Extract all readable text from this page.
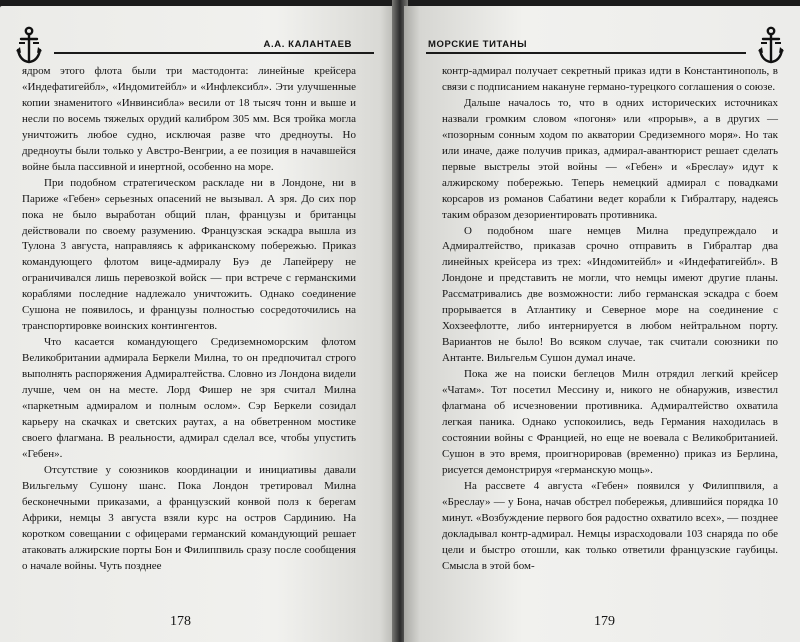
А.А. КАЛАНТАЕВ

ядром этого флота были три мастодонта: линейные крейсера «Индефатигейбл», «Индомитейбл» и «Инфлексибл». Эти улучшенные копии знаменитого «Инвинсибла» весили от 18 тысяч тонн и выше и несли по восемь тяжелых орудий калибром 305 мм. Вся тройка могла уничтожить любое судно, исключая разве что дредноуты. Но дредноуты были только у Австро-Венгрии, а ее позиция в начавшейся войне была пассивной и инертной, особенно на море.

При подобном стратегическом раскладе ни в Лондоне, ни в Париже «Гебен» серьезных опасений не вызывал. А зря. До сих пор пока не было выработан общий план, французы и британцы действовали по своему разумению. Французская эскадра вышла из Тулона 3 августа, направляясь к африканскому побережью. Приказ командующего флотом вице-адмиралу Буэ де Лапейреру не ограничивался лишь перевозкой войск — при встрече с германскими кораблями последние надлежало уничтожить. Однако соединение Сушона не появилось, и французы полностью сосредоточились на транспортировке воинских контингентов.

Что касается командующего Средиземноморским флотом Великобритании адмирала Беркели Милна, то он предпочитал строго выполнять распоряжения Адмиралтейства. Словно из Лондона видели лучше, чем он на месте. Лорд Фишер не зря считал Милна «паркетным адмиралом и полным ослом». Сэр Беркели созидал карьеру на скачках и светских раутах, а на обветренном мостике своего флагмана. В реальности, адмирал сделал все, чтобы упустить «Гебен».

Отсутствие у союзников координации и инициативы давали Вильгельму Сушону шанс. Пока Лондон третировал Милна бесконечными приказами, а французский конвой полз к берегам Африки, немцы 3 августа взяли курс на остров Сардинию. На коротком совещании с офицерами германский командующий решает атаковать алжирские порты Бон и Филиппвиль сразу после сообщения о начале войны. Чуть позднее

178
МОРСКИЕ ТИТАНЫ

контр-адмирал получает секретный приказ идти в Константинополь, в связи с подписанием накануне германо-турецкого соглашения о союзе.

Дальше началось то, что в одних исторических источниках назвали громким словом «погоня» или «прорыв», а в других — «позорным сонным ходом по акватории Средиземного моря». Но так или иначе, даже получив приказ, адмирал-авантюрист решает сделать первые выстрелы этой войны — «Гебен» и «Бреслау» идут к алжирскому побережью. Теперь немецкий адмирал с повадками корсаров из романов Сабатини ведет корабли к Гибралтару, надеясь таким образом дезориентировать противника.

О подобном шаге немцев Милна предупреждало и Адмиралтейство, приказав срочно отправить в Гибралтар два линейных крейсера из трех: «Индомитейбл» и «Индефатигейбл». В Лондоне и представить не могли, что немцы имеют другие планы. Рассматривались две возможности: либо германская эскадра с боем прорывается в Атлантику и Северное море на соединение с Хохзеефлотте, либо интернируется в любом нейтральном порту. Вариантов не было! Во всяком случае, так считали союзники по Антанте. Вильгельм Сушон думал иначе.

Пока же на поиски беглецов Милн отрядил легкий крейсер «Чатам». Тот посетил Мессину и, никого не обнаружив, известил флагмана об исчезновении противника. Адмиралтейство охватила легкая паника. Однако успокоились, ведь Германия находилась в состоянии войны с Францией, но еще не воевала с Великобританией. Сушон в это время, проигнорировав (временно) приказ из Берлина, рисуется демонстрируя «германскую мощь».

На рассвете 4 августа «Гебен» появился у Филиппвиля, а «Бреслау» — у Бона, начав обстрел побережья, длившийся порядка 10 минут. «Возбуждение первого боя радостно охватило всех», — позднее докладывал контр-адмирал. Немцы израсходовали 103 снаряда по обе цели и быстро отошли, как только ответили французские гаубицы. Смысла в этой бом-

179
